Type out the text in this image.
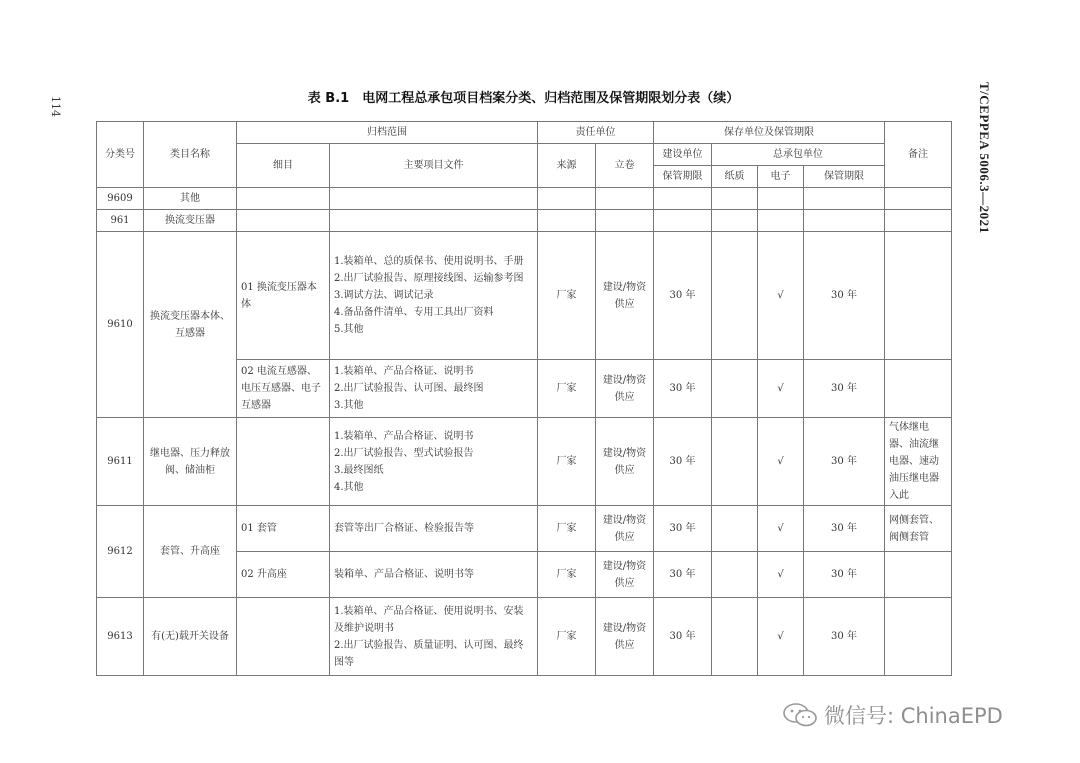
114	T/CEPPEA 5006.3—2021
表 B.1　电网工程总承包项目档案分类、归档范围及保管期限划分表（续）
分类号	类目名称	归档范围		责任单位		保存单位及保管期限				备注
		细目	主要项目文件	来源	立卷	建设单位	总承包单位			
						保管期限	纸质	电子	保管期限	
9609	其他									
961	换流变压器									
9610	换流变压器本体、互感器	01 换流变压器本体	1.装箱单、总的质保书、使用说明书、手册
2.出厂试验报告、原理接线图、运输参考图
3.调试方法、调试记录
4.备品备件清单、专用工具出厂资料
5.其他	厂家	建设/物资供应	30 年		√	30 年	
		02 电流互感器、电压互感器、电子互感器	1.装箱单、产品合格证、说明书
2.出厂试验报告、认可图、最终图
3.其他	厂家	建设/物资供应	30 年		√	30 年	
9611	继电器、压力释放阀、储油柜		1.装箱单、产品合格证、说明书
2.出厂试验报告、型式试验报告
3.最终图纸
4.其他	厂家	建设/物资供应	30 年		√	30 年	气体继电器、油流继电器、速动油压继电器入此
9612	套管、升高座	01 套管	套管等出厂合格证、检验报告等	厂家	建设/物资供应	30 年		√	30 年	网侧套管、阀侧套管
		02 升高座	装箱单、产品合格证、说明书等	厂家	建设/物资供应	30 年		√	30 年	
9613	有(无)载开关设备		1.装箱单、产品合格证、使用说明书、安装及维护说明书
2.出厂试验报告、质量证明、认可图、最终图等	厂家	建设/物资供应	30 年		√	30 年	
微信号: ChinaEPD
